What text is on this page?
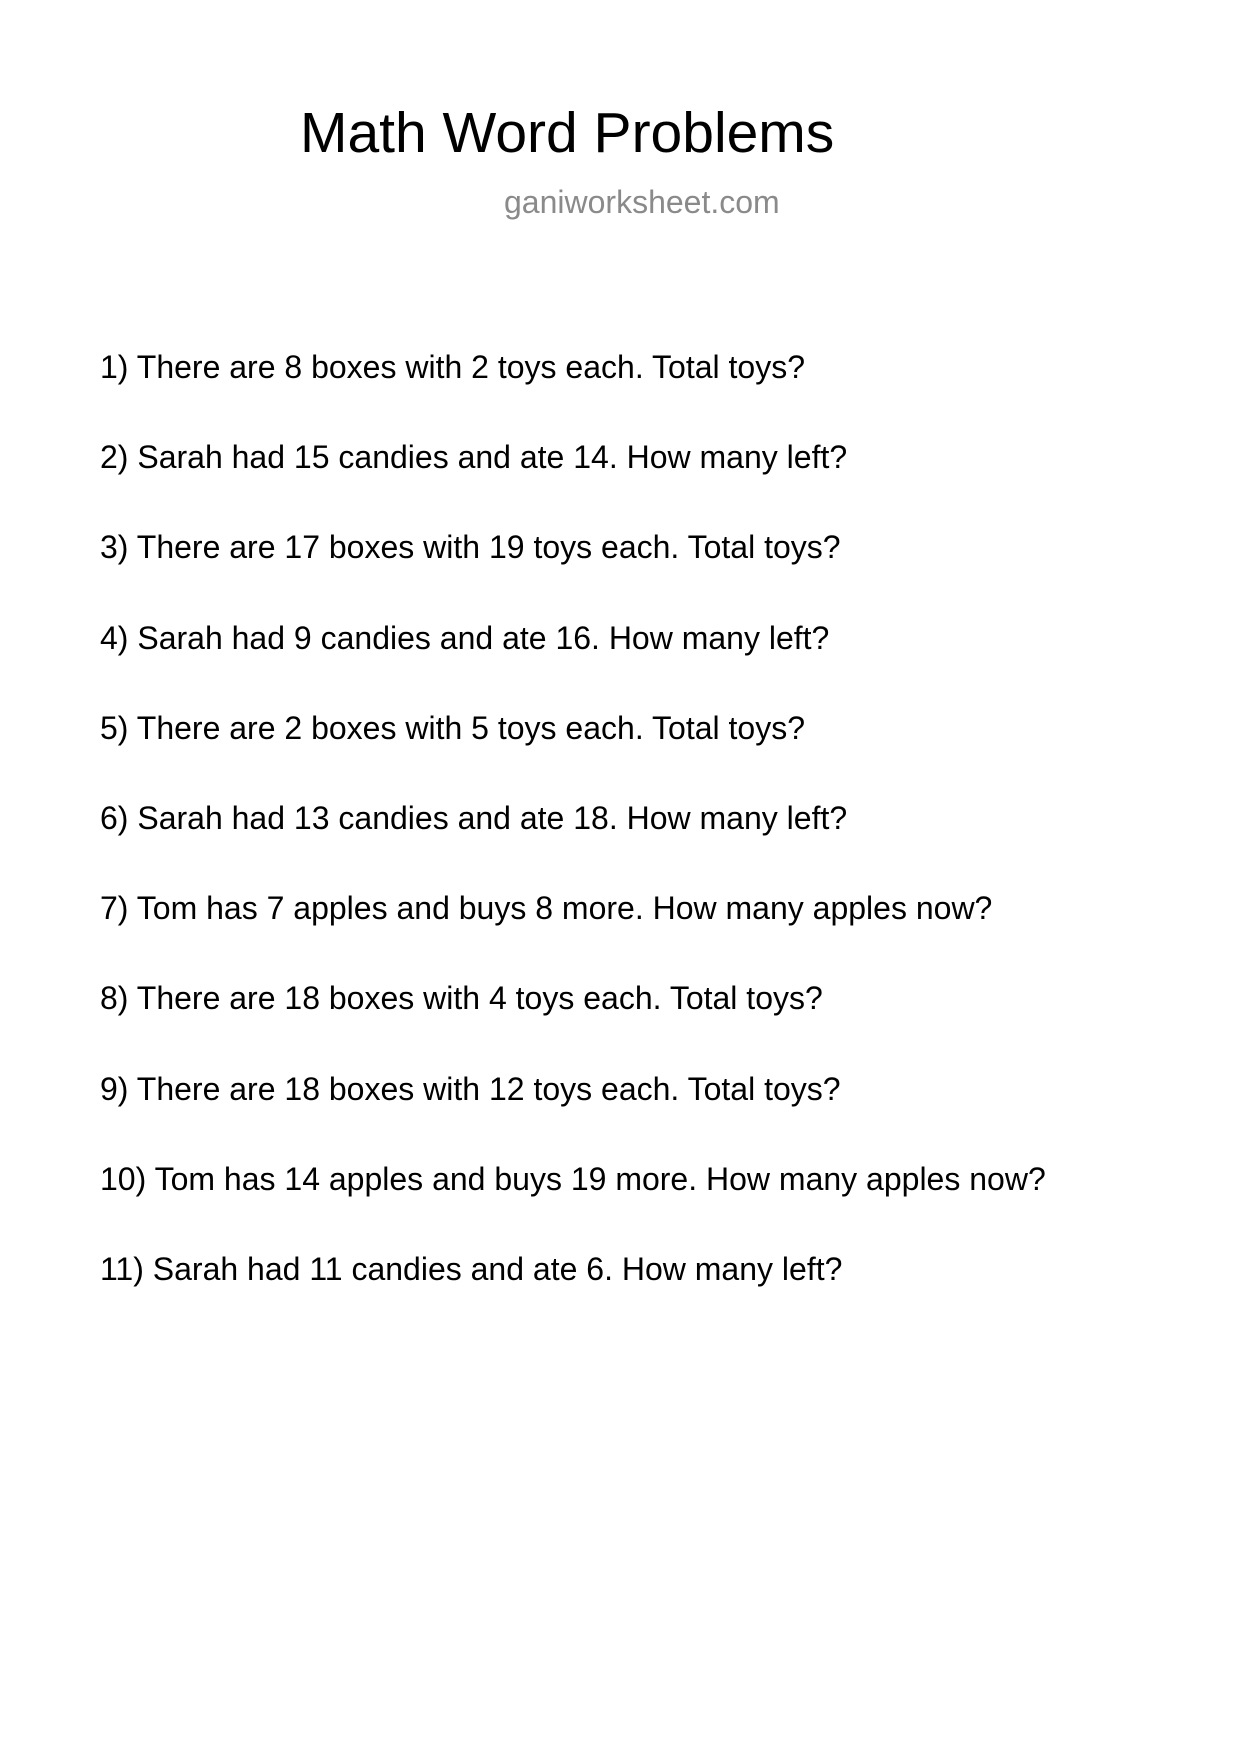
Math Word Problems
ganiworksheet.com
1) There are 8 boxes with 2 toys each. Total toys?
2) Sarah had 15 candies and ate 14. How many left?
3) There are 17 boxes with 19 toys each. Total toys?
4) Sarah had 9 candies and ate 16. How many left?
5) There are 2 boxes with 5 toys each. Total toys?
6) Sarah had 13 candies and ate 18. How many left?
7) Tom has 7 apples and buys 8 more. How many apples now?
8) There are 18 boxes with 4 toys each. Total toys?
9) There are 18 boxes with 12 toys each. Total toys?
10) Tom has 14 apples and buys 19 more. How many apples now?
11) Sarah had 11 candies and ate 6. How many left?
